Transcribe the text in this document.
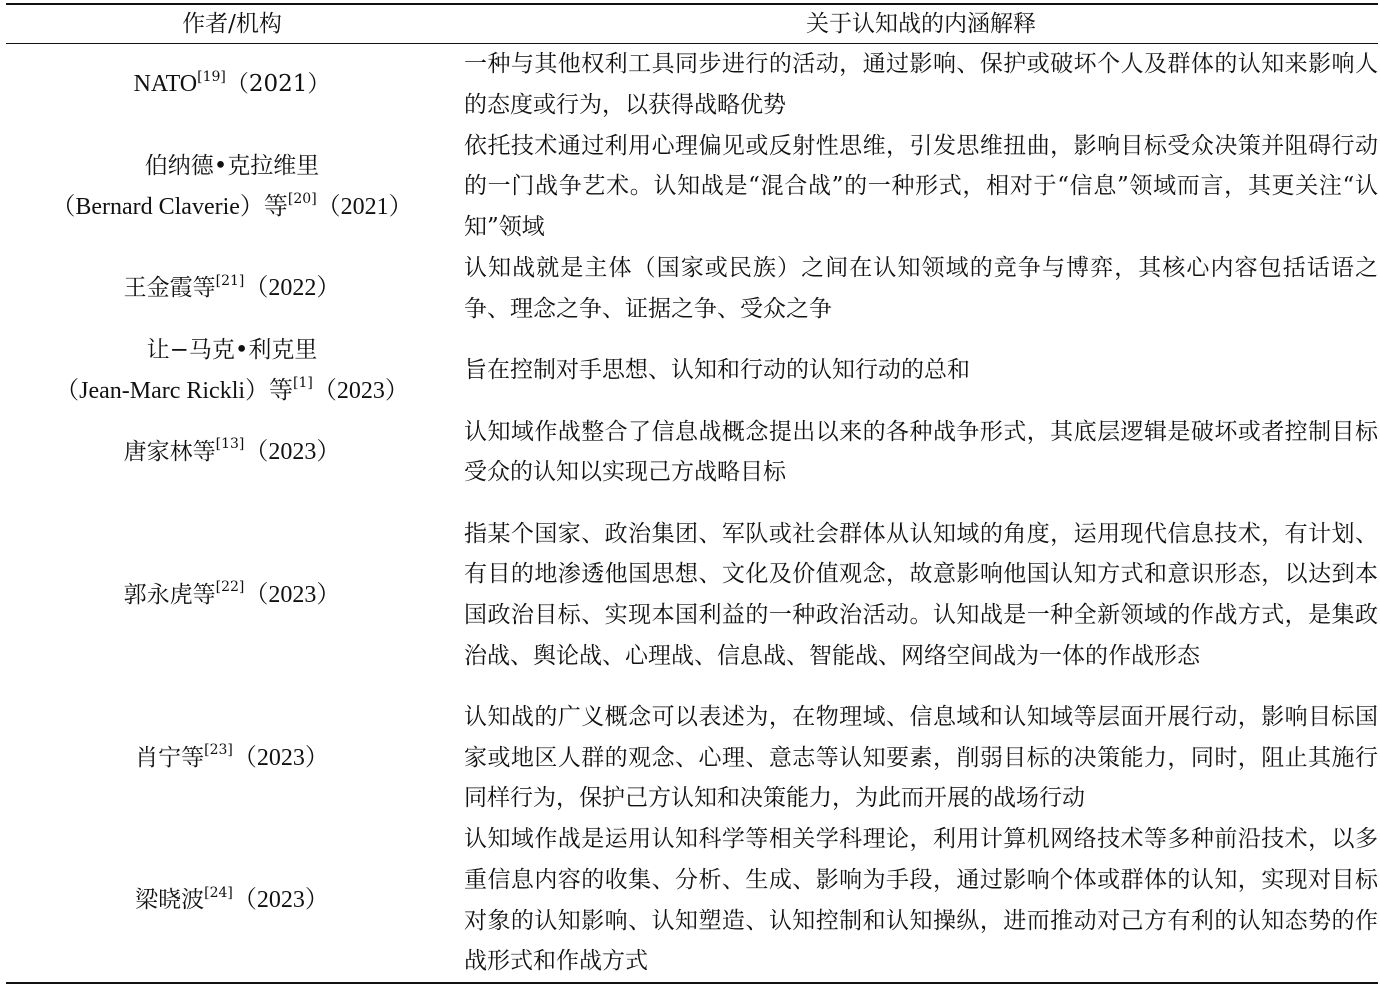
作者/机构	关于认知战的内涵解释

NATO[19]（2021）	一种与其他权利工具同步进行的活动，通过影响、保护或破坏个人及群体的认知来影响人的态度或行为，以获得战略优势

伯纳德•克拉维里
（Bernard Claverie）等[20]（2021）	依托技术通过利用心理偏见或反射性思维，引发思维扭曲，影响目标受众决策并阻碍行动的一门战争艺术。认知战是“混合战”的一种形式，相对于“信息”领域而言，其更关注“认知”领域

王金霞等[21]（2022）	认知战就是主体（国家或民族）之间在认知领域的竞争与博弈，其核心内容包括话语之争、理念之争、证据之争、受众之争

让−马克•利克里
（Jean-Marc Rickli）等[1]（2023）	旨在控制对手思想、认知和行动的认知行动的总和

唐家林等[13]（2023）	认知域作战整合了信息战概念提出以来的各种战争形式，其底层逻辑是破坏或者控制目标受众的认知以实现己方战略目标

郭永虎等[22]（2023）	指某个国家、政治集团、军队或社会群体从认知域的角度，运用现代信息技术，有计划、有目的地渗透他国思想、文化及价值观念，故意影响他国认知方式和意识形态，以达到本国政治目标、实现本国利益的一种政治活动。认知战是一种全新领域的作战方式，是集政治战、舆论战、心理战、信息战、智能战、网络空间战为一体的作战形态

肖宁等[23]（2023）	认知战的广义概念可以表述为，在物理域、信息域和认知域等层面开展行动，影响目标国家或地区人群的观念、心理、意志等认知要素，削弱目标的决策能力，同时，阻止其施行同样行为，保护己方认知和决策能力，为此而开展的战场行动

梁晓波[24]（2023）	认知域作战是运用认知科学等相关学科理论，利用计算机网络技术等多种前沿技术，以多重信息内容的收集、分析、生成、影响为手段，通过影响个体或群体的认知，实现对目标对象的认知影响、认知塑造、认知控制和认知操纵，进而推动对己方有利的认知态势的作战形式和作战方式
